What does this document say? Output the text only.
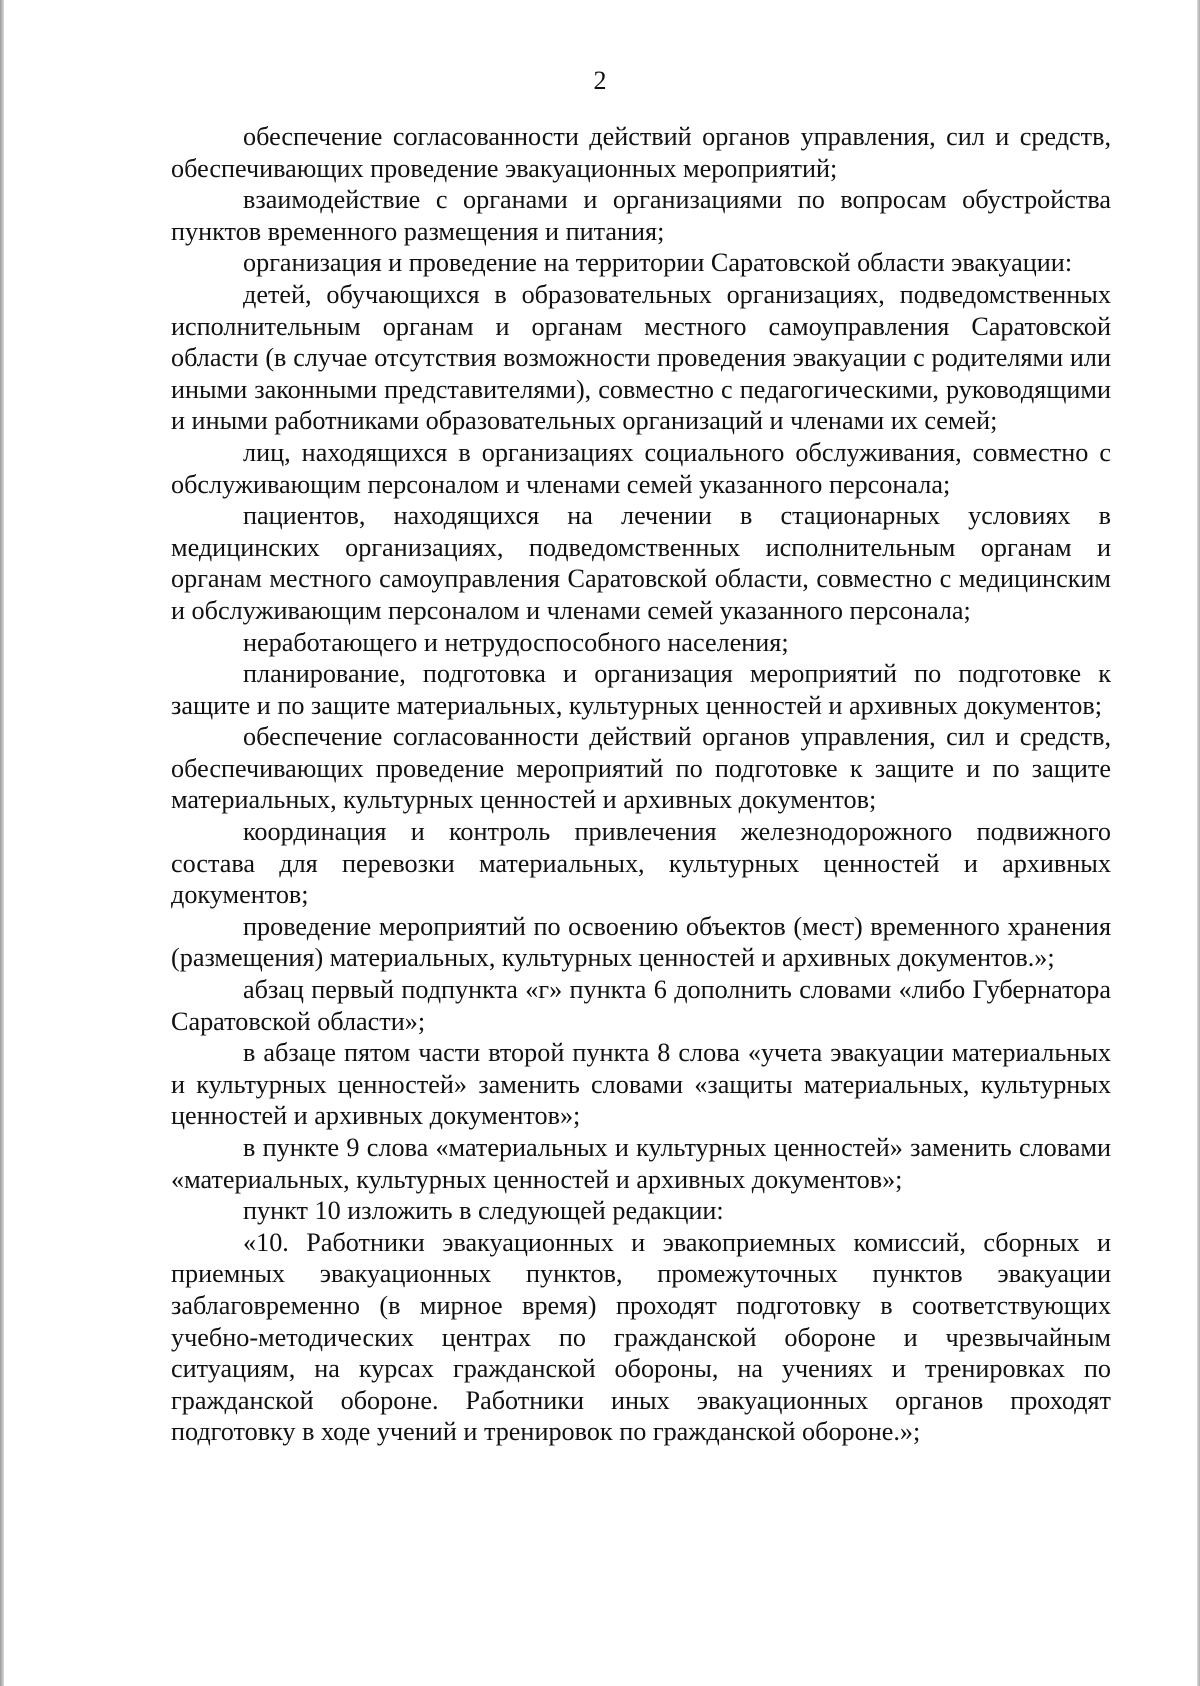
2

обеспечение согласованности действий органов управления, сил и средств, обеспечивающих проведение эвакуационных мероприятий;

взаимодействие с органами и организациями по вопросам обустройства пунктов временного размещения и питания;

организация и проведение на территории Саратовской области эвакуации:

детей, обучающихся в образовательных организациях, подведомственных исполнительным органам и органам местного самоуправления Саратовской области (в случае отсутствия возможности проведения эвакуации с родителями или иными законными представителями), совместно с педагогическими, руководящими и иными работниками образовательных организаций и членами их семей;

лиц, находящихся в организациях социального обслуживания, совместно с обслуживающим персоналом и членами семей указанного персонала;

пациентов, находящихся на лечении в стационарных условиях в медицинских организациях, подведомственных исполнительным органам и органам местного самоуправления Саратовской области, совместно с медицинским и обслуживающим персоналом и членами семей указанного персонала;

неработающего и нетрудоспособного населения;

планирование, подготовка и организация мероприятий по подготовке к защите и по защите материальных, культурных ценностей и архивных документов;

обеспечение согласованности действий органов управления, сил и средств, обеспечивающих проведение мероприятий по подготовке к защите и по защите материальных, культурных ценностей и архивных документов;

координация и контроль привлечения железнодорожного подвижного состава для перевозки материальных, культурных ценностей и архивных документов;

проведение мероприятий по освоению объектов (мест) временного хранения (размещения) материальных, культурных ценностей и архивных документов.»;

абзац первый подпункта «г» пункта 6 дополнить словами «либо Губернатора Саратовской области»;

в абзаце пятом части второй пункта 8 слова «учета эвакуации материальных и культурных ценностей» заменить словами «защиты материальных, культурных ценностей и архивных документов»;

в пункте 9 слова «материальных и культурных ценностей» заменить словами «материальных, культурных ценностей и архивных документов»;

пункт 10 изложить в следующей редакции:

«10. Работники эвакуационных и эвакоприемных комиссий, сборных и приемных эвакуационных пунктов, промежуточных пунктов эвакуации заблаговременно (в мирное время) проходят подготовку в соответствующих учебно-методических центрах по гражданской обороне и чрезвычайным ситуациям, на курсах гражданской обороны, на учениях и тренировках по гражданской обороне. Работники иных эвакуационных органов проходят подготовку в ходе учений и тренировок по гражданской обороне.»;
